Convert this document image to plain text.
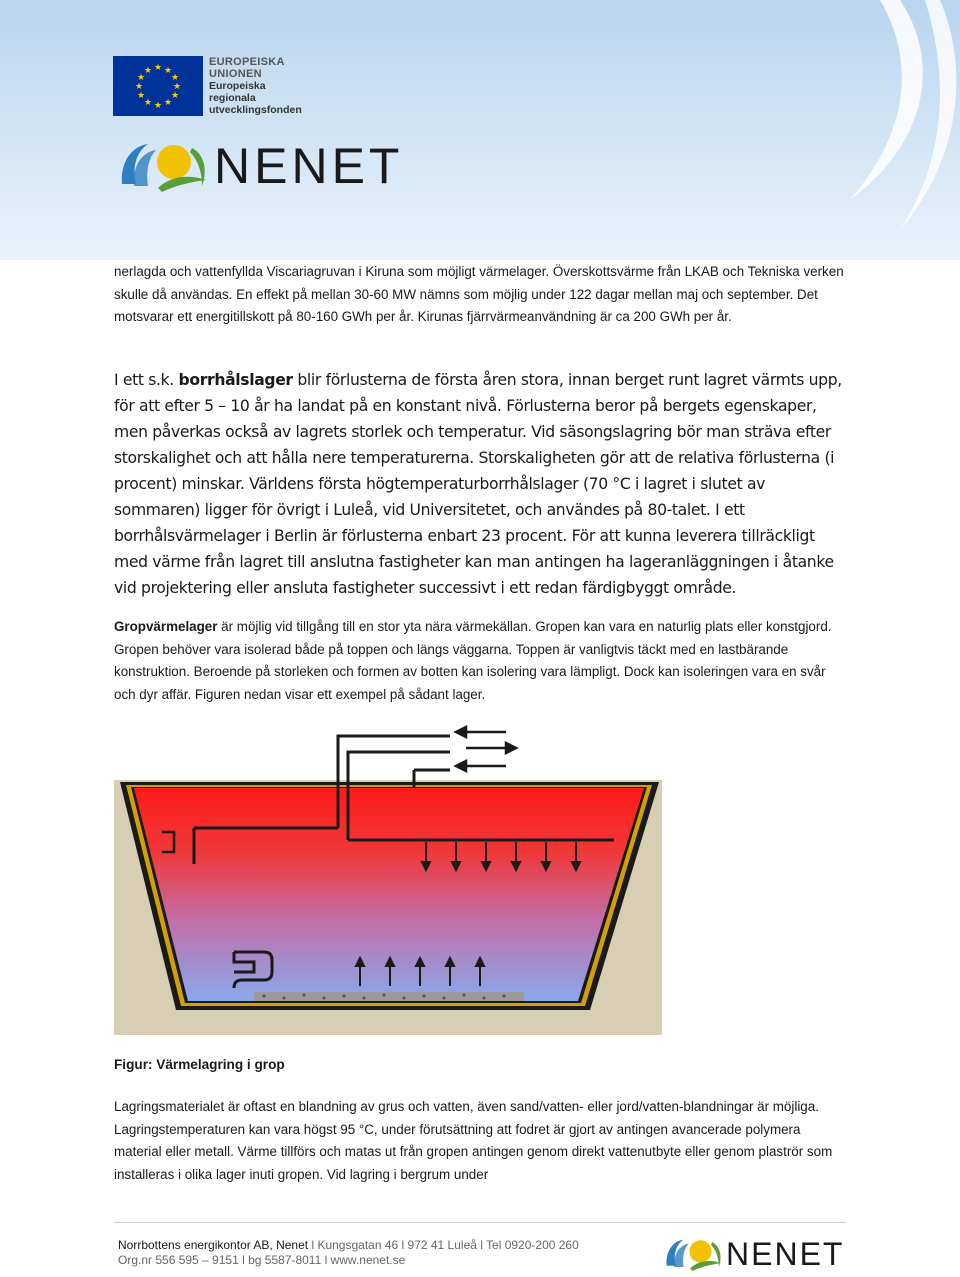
★ ★
★
★
★
★
★
★
★
★
★
★
EUROPEISKA
UNIONEN
Europeiska
regionala
utvecklingsfonden
NENET

nerlagda och vattenfyllda Viscariagruvan i Kiruna som möjligt värmelager. Överskottsvärme från LKAB och Tekniska verken skulle då användas. En effekt på mellan 30-60 MW nämns som möjlig under 122 dagar mellan maj och september. Det motsvarar ett energitillskott på 80-160 GWh per år. Kirunas fjärrvärmeanvändning är ca 200 GWh per år.

I ett s.k. borrhålslager blir förlusterna de första åren stora, innan berget runt lagret värmts upp, för att efter 5 – 10 år ha landat på en konstant nivå. Förlusterna beror på bergets egenskaper, men påverkas också av lagrets storlek och temperatur. Vid säsongslagring bör man sträva efter storskalighet och att hålla nere temperaturerna. Storskaligheten gör att de relativa förlusterna (i procent) minskar. Världens första högtemperaturborrhålslager (70 °C i lagret i slutet av sommaren) ligger för övrigt i Luleå, vid Universitetet, och användes på 80-talet. I ett borrhålsvärmelager i Berlin är förlusterna enbart 23 procent. För att kunna leverera tillräckligt med värme från lagret till anslutna fastigheter kan man antingen ha lageranläggningen i åtanke vid projektering eller ansluta fastigheter successivt i ett redan färdigbyggt område.

Gropvärmelager är möjlig vid tillgång till en stor yta nära värmekällan. Gropen kan vara en naturlig plats eller konstgjord. Gropen behöver vara isolerad både på toppen och längs väggarna. Toppen är vanligtvis täckt med en lastbärande konstruktion. Beroende på storleken och formen av botten kan isolering vara lämpligt. Dock kan isoleringen vara en svår och dyr affär. Figuren nedan visar ett exempel på sådant lager.

Figur: Värmelagring i grop

Lagringsmaterialet är oftast en blandning av grus och vatten, även sand/vatten- eller jord/vatten-blandningar är möjliga. Lagringstemperaturen kan vara högst 95 °C, under förutsättning att fodret är gjort av antingen avancerade polymera material eller metall. Värme tillförs och matas ut från gropen antingen genom direkt vattenutbyte eller genom plaströr som installeras i olika lager inuti gropen. Vid lagring i bergrum under

Norrbottens energikontor AB, Nenet l Kungsgatan 46 l 972 41 Luleå l Tel 0920-200 260
Org.nr 556 595 – 9151 l bg 5587-8011 l www.nenet.se	NENET
